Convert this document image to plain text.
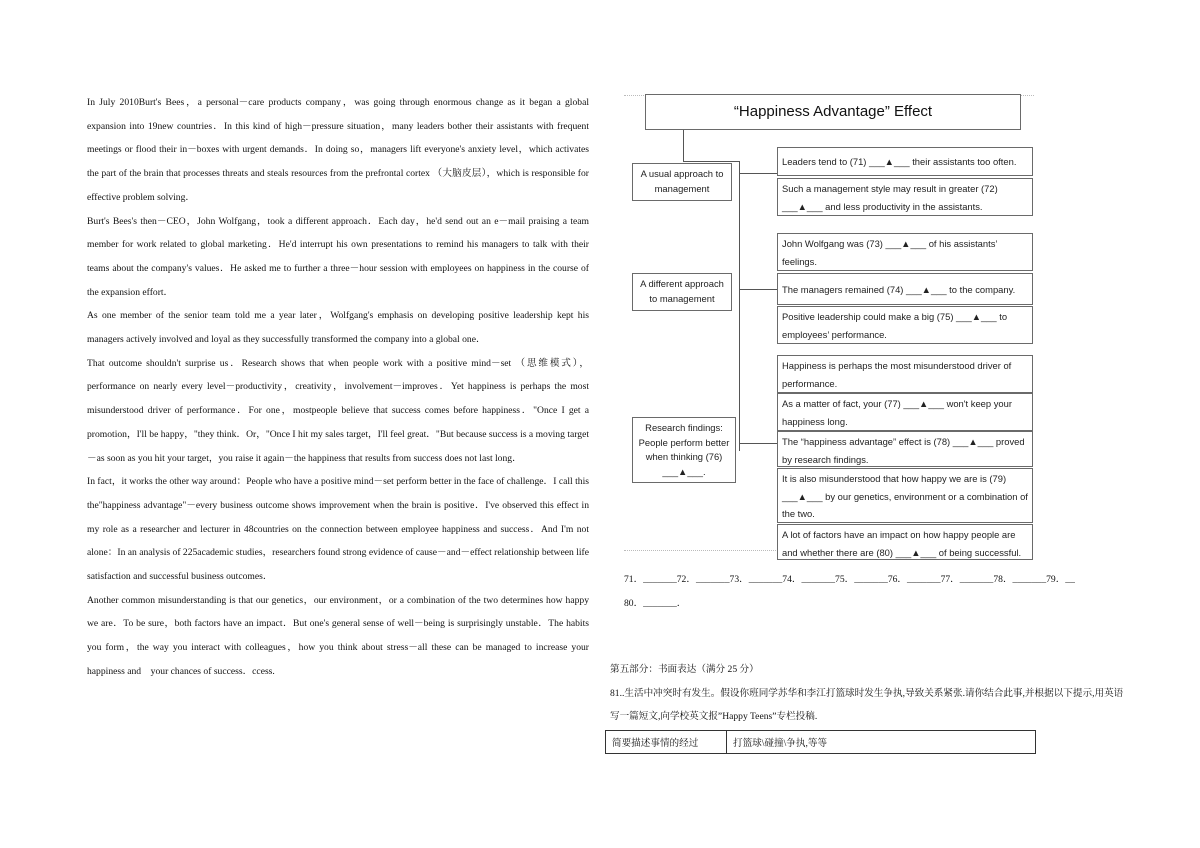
In July 2010Burt's Bees，a personal－care products company，was going through enormous change as it began a global expansion into 19new countries．In this kind of high－pressure situation，many leaders bother their assistants with frequent meetings or flood their in－boxes with urgent demands．In doing so，managers lift everyone's anxiety level，which activates the part of the brain that processes threats and steals resources from the prefrontal cortex （大脑皮层），which is responsible for effective problem solving．

Burt's Bees's then－CEO，John Wolfgang，took a different approach．Each day，he'd send out an e－mail praising a team member for work related to global marketing．He'd interrupt his own presentations to remind his managers to talk with their teams about the company's values．He asked me to further a three－hour session with employees on happiness in the course of the expansion effort．

As one member of the senior team told me a year later，Wolfgang's emphasis on developing positive leadership kept his managers actively involved and loyal as they successfully transformed the company into a global one．

That outcome shouldn't surprise us．Research shows that when people work with a positive mind－set （思维模式），performance on nearly every level－productivity，creativity，involvement－improves．Yet happiness is perhaps the most misunderstood driver of performance．For one，mostpeople believe that success comes before happiness．"Once I get a promotion，I'll be happy，"they think．Or，"Once I hit my sales target，I'll feel great．"But because success is a moving target－as soon as you hit your target，you raise it again－the happiness that results from success does not last long．

In fact，it works the other way around：People who have a positive mind－set perform better in the face of challenge．I call this the"happiness advantage"－every business outcome shows improvement when the brain is positive．I've observed this effect in my role as a researcher and lecturer in 48countries on the connection between employee happiness and success．And I'm not alone：In an analysis of 225academic studies，researchers found strong evidence of cause－and－effect relationship between life satisfaction and successful business outcomes．

Another common misunderstanding is that our genetics，our environment，or a combination of the two determines how happy we are．To be sure，both factors have an impact．But one's general sense of well－being is surprisingly unstable．The habits you form，the way you interact with colleagues，how you think about stress－all these can be managed to increase your happiness and　your chances of success．ccess.

“Happiness Advantage” Effect
A usual approach to management
A different approach to management
Research findings: People perform better when thinking (76) ___▲___.
Leaders tend to (71) ___▲___ their assistants too often.
Such a management style may result in greater (72) ___▲___ and less productivity in the assistants.
John Wolfgang was (73) ___▲___ of his assistants’ feelings.
The managers remained (74) ___▲___ to the company.
Positive leadership could make a big (75) ___▲___ to employees’ performance.
Happiness is perhaps the most misunderstood driver of performance.
As a matter of fact, your (77) ___▲___ won't keep your happiness long.
The “happiness advantage” effect is (78) ___▲___ proved by research findings.
It is also misunderstood that how happy we are is (79) ___▲___ by our genetics, environment or a combination of the two.
A lot of factors have an impact on how happy people are and whether there are (80) ___▲___ of being successful.

71．_______72．_______73．_______74．_______75．_______76．_______77．_______78．_______79．__

80．_______．

第五部分：书面表达（满分 25 分）

81..生活中冲突时有发生。假设你班同学苏华和李江打篮球时发生争执,导致关系紧张.请你结合此事,并根据以下提示,用英语写一篇短文,向学校英文报”Happy Teens”专栏投稿.

简要描述事情的经过	打篮球\碰撞\争执,等等
